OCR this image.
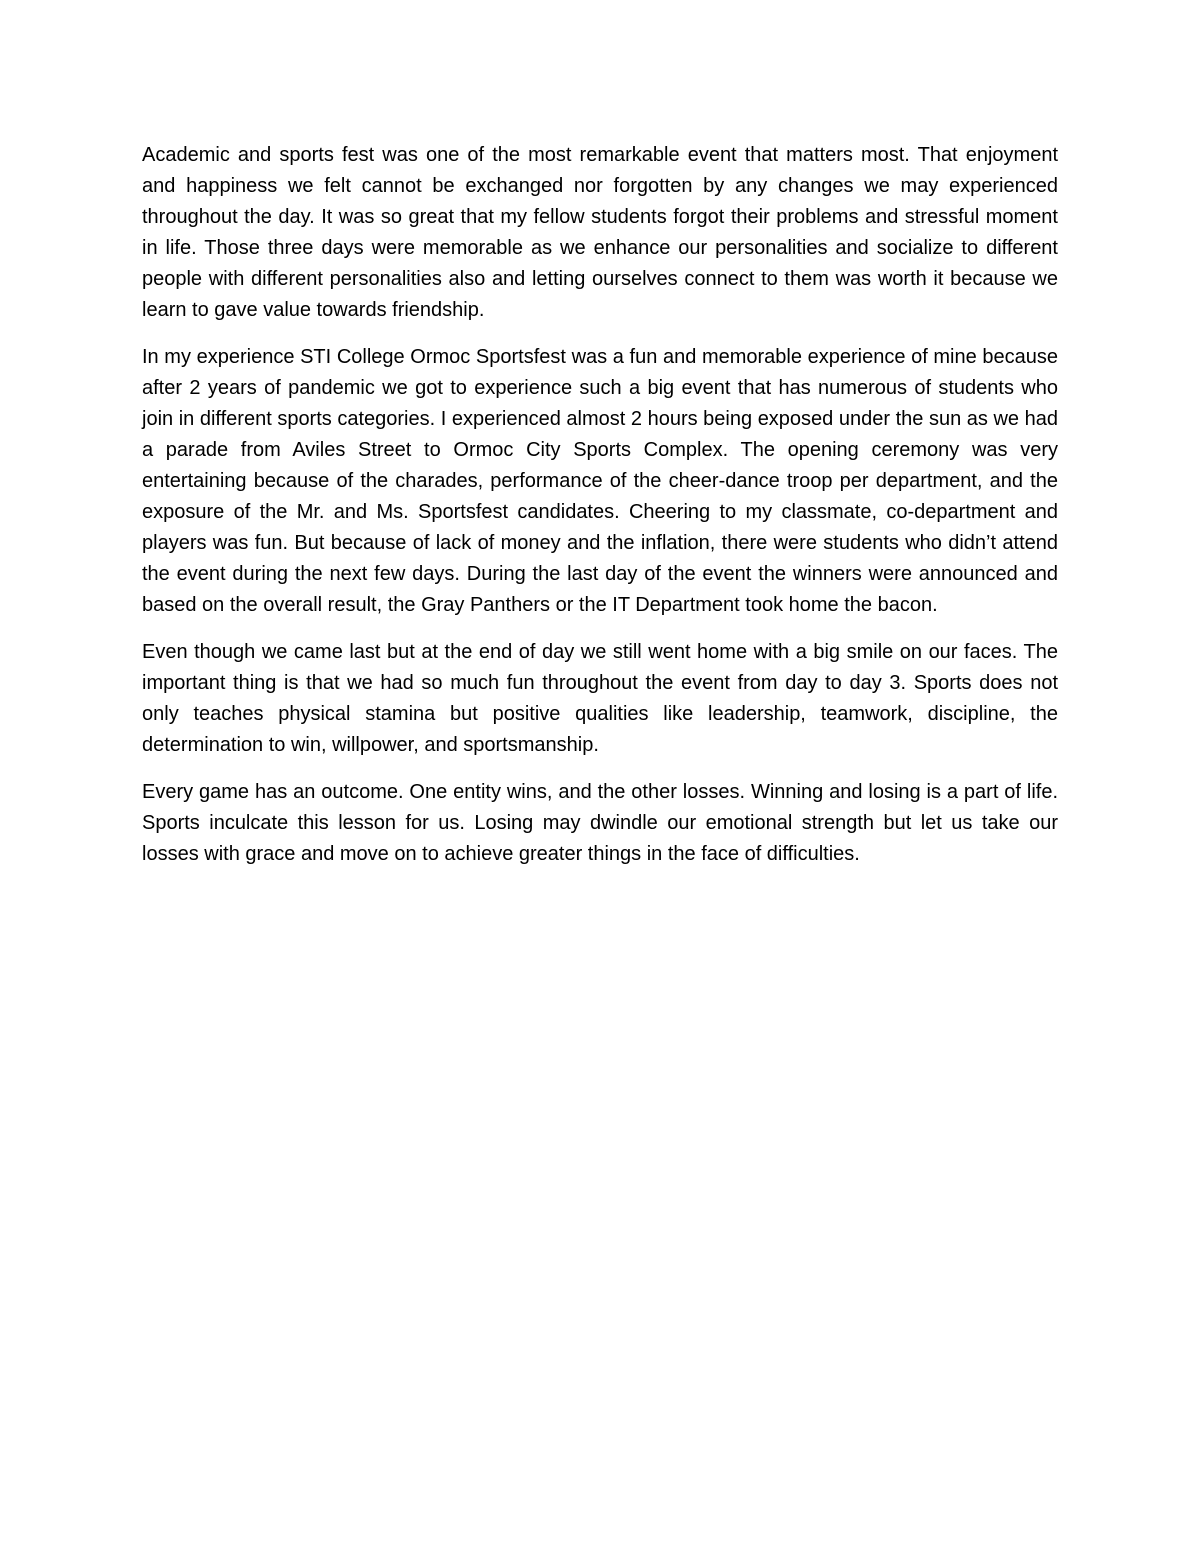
Academic and sports fest was one of the most remarkable event that matters most. That enjoyment and happiness we felt cannot be exchanged nor forgotten by any changes we may experienced throughout the day. It was so great that my fellow students forgot their problems and stressful moment in life. Those three days were memorable as we enhance our personalities and socialize to different people with different personalities also and letting ourselves connect to them was worth it because we learn to gave value towards friendship.

In my experience STI College Ormoc Sportsfest was a fun and memorable experience of mine because after 2 years of pandemic we got to experience such a big event that has numerous of students who join in different sports categories. I experienced almost 2 hours being exposed under the sun as we had a parade from Aviles Street to Ormoc City Sports Complex. The opening ceremony was very entertaining because of the charades, performance of the cheer-dance troop per department, and the exposure of the Mr. and Ms. Sportsfest candidates. Cheering to my classmate, co-department and players was fun. But because of lack of money and the inflation, there were students who didn’t attend the event during the next few days. During the last day of the event the winners were announced and based on the overall result, the Gray Panthers or the IT Department took home the bacon.

Even though we came last but at the end of day we still went home with a big smile on our faces. The important thing is that we had so much fun throughout the event from day to day 3. Sports does not only teaches physical stamina but positive qualities like leadership, teamwork, discipline, the determination to win, willpower, and sportsmanship.

Every game has an outcome. One entity wins, and the other losses. Winning and losing is a part of life. Sports inculcate this lesson for us. Losing may dwindle our emotional strength but let us take our losses with grace and move on to achieve greater things in the face of difficulties.
